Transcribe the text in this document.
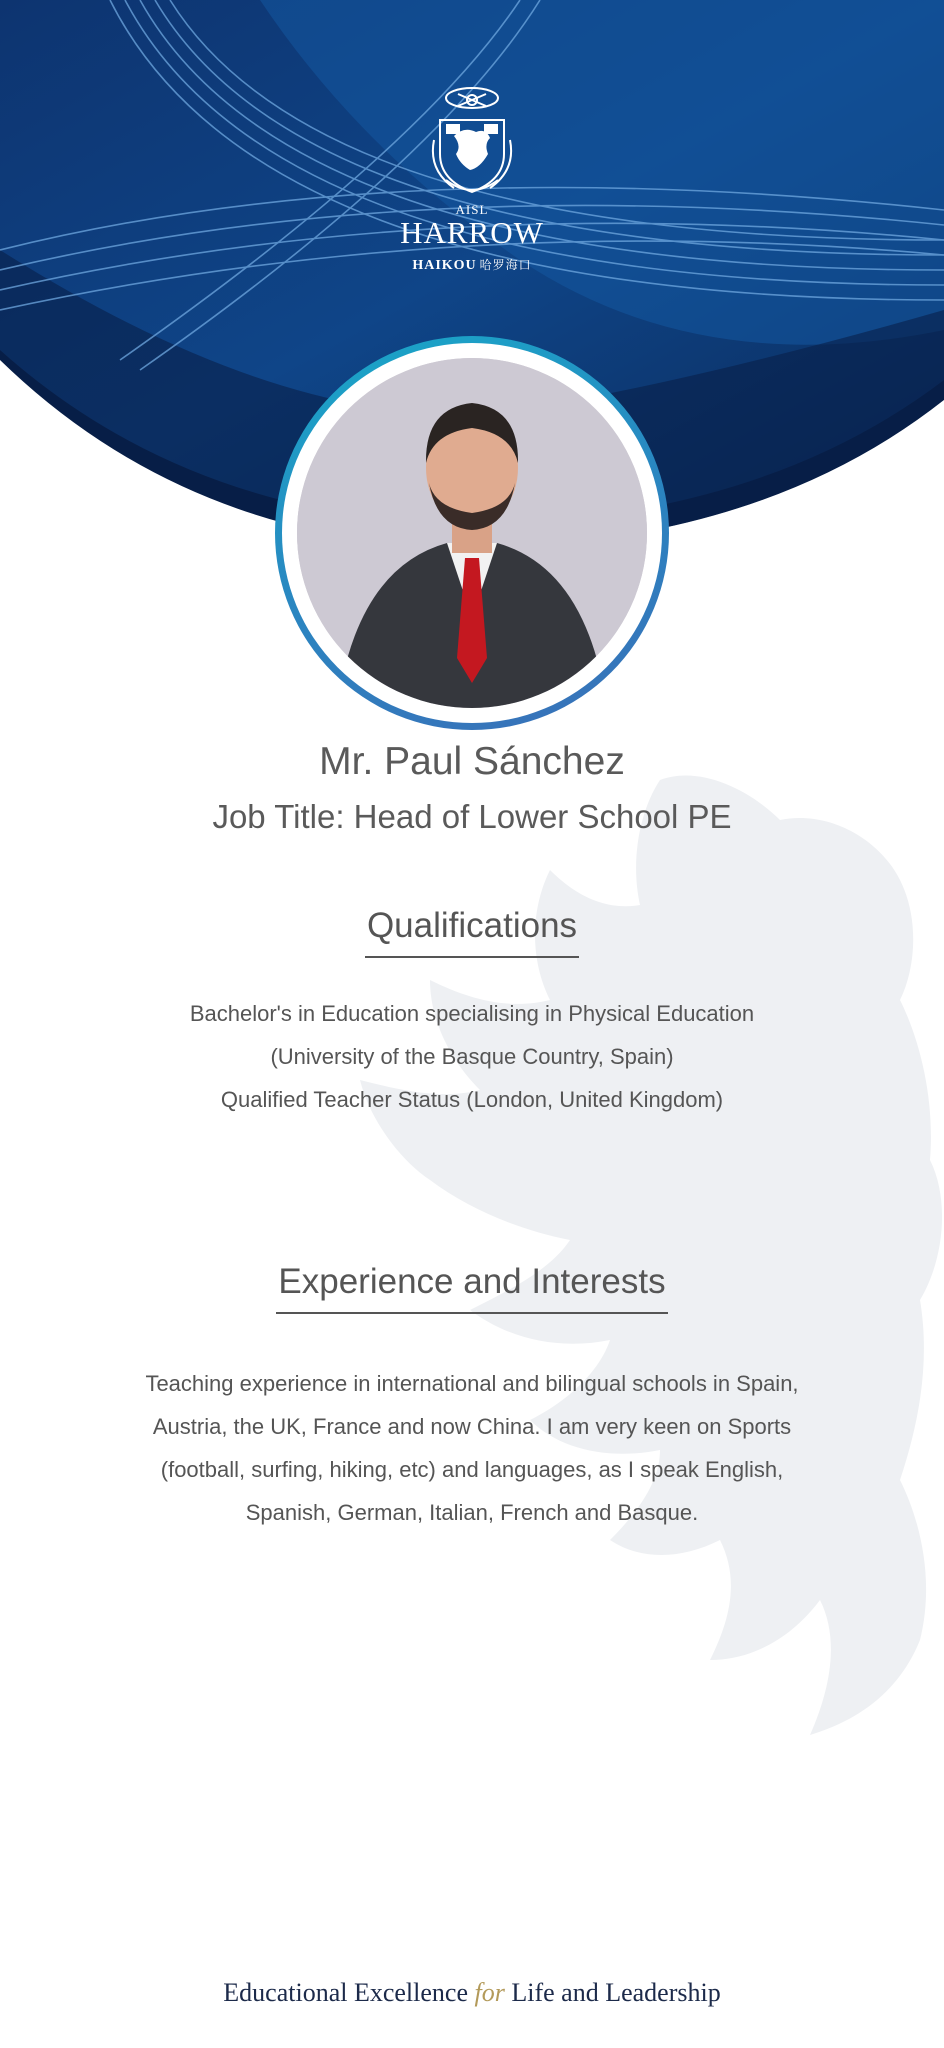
AISL
HARROW
HAIKOU 哈罗海口
Mr. Paul Sánchez
Job Title: Head of Lower School PE
Qualifications
Bachelor's in Education specialising in Physical Education
(University of the Basque Country, Spain)
Qualified Teacher Status (London, United Kingdom)
Experience and Interests
Teaching experience in international and bilingual schools in Spain, Austria, the UK, France and now China. I am very keen on Sports (football, surfing, hiking, etc) and languages, as I speak English, Spanish, German, Italian, French and Basque.
Educational Excellence for Life and Leadership
